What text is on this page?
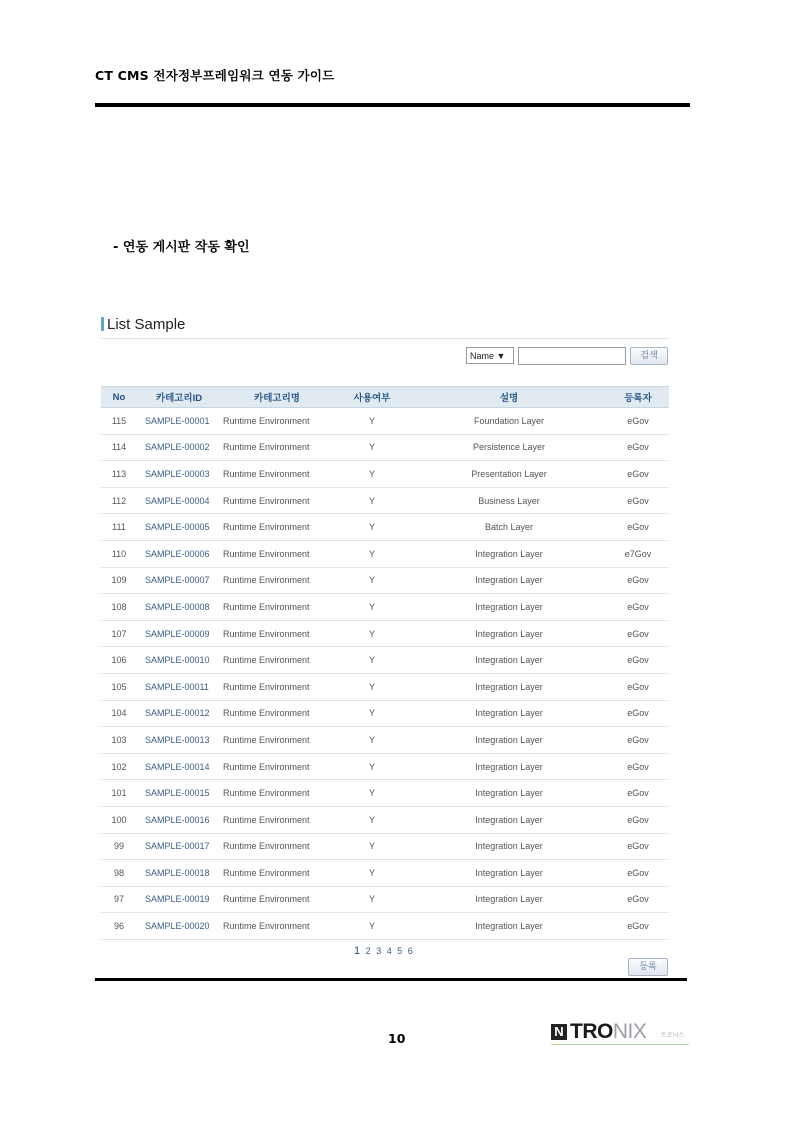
CT CMS 전자정부프레임워크 연동 가이드
- 연동 게시판 작동 확인
List Sample
Name ▼	검색
No	카테고리ID	카테고리명	사용여부	설명	등록자
115	SAMPLE-00001	Runtime Environment	Y	Foundation Layer	eGov
114	SAMPLE-00002	Runtime Environment	Y	Persistence Layer	eGov
113	SAMPLE-00003	Runtime Environment	Y	Presentation Layer	eGov
112	SAMPLE-00004	Runtime Environment	Y	Business Layer	eGov
111	SAMPLE-00005	Runtime Environment	Y	Batch Layer	eGov
110	SAMPLE-00006	Runtime Environment	Y	Integration Layer	e7Gov
109	SAMPLE-00007	Runtime Environment	Y	Integration Layer	eGov
108	SAMPLE-00008	Runtime Environment	Y	Integration Layer	eGov
107	SAMPLE-00009	Runtime Environment	Y	Integration Layer	eGov
106	SAMPLE-00010	Runtime Environment	Y	Integration Layer	eGov
105	SAMPLE-00011	Runtime Environment	Y	Integration Layer	eGov
104	SAMPLE-00012	Runtime Environment	Y	Integration Layer	eGov
103	SAMPLE-00013	Runtime Environment	Y	Integration Layer	eGov
102	SAMPLE-00014	Runtime Environment	Y	Integration Layer	eGov
101	SAMPLE-00015	Runtime Environment	Y	Integration Layer	eGov
100	SAMPLE-00016	Runtime Environment	Y	Integration Layer	eGov
99	SAMPLE-00017	Runtime Environment	Y	Integration Layer	eGov
98	SAMPLE-00018	Runtime Environment	Y	Integration Layer	eGov
97	SAMPLE-00019	Runtime Environment	Y	Integration Layer	eGov
96	SAMPLE-00020	Runtime Environment	Y	Integration Layer	eGov
1 2 3 4 5 6
등록
10	N TRONIX 트로닉스
